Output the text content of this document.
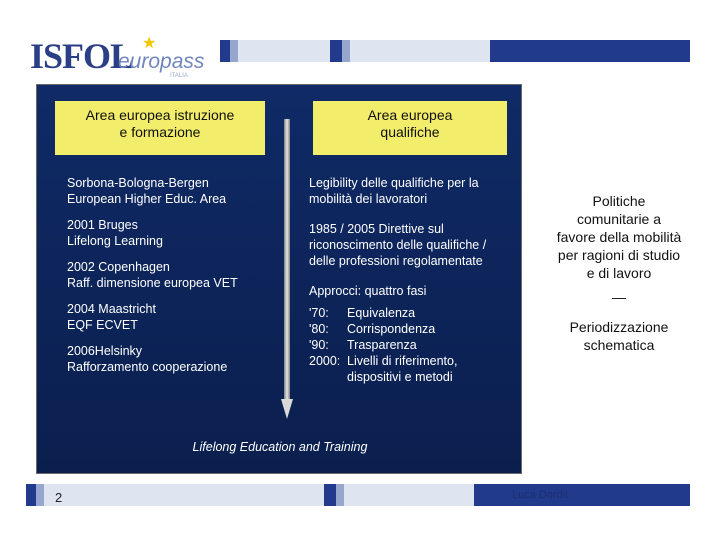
ISFOL ★
europass
ITALIA
Area europea istruzione
e formazione
Area europea
qualifiche
Sorbona-Bologna-Bergen
European Higher Educ. Area
2001 Bruges
Lifelong Learning
2002 Copenhagen
Raff. dimensione europea VET
2004 Maastricht
EQF ECVET
2006Helsinky
Rafforzamento cooperazione
Legibility delle qualifiche per la
mobilità dei lavoratori
1985 / 2005 Direttive sul
riconoscimento delle qualifiche /
delle professioni regolamentate
Approcci: quattro fasi
'70:	Equivalenza
'80:	Corrispondenza
'90:	Trasparenza
2000: Livelli di riferimento,
dispositivi e metodi
Lifelong Education and Training
Politiche
comunitarie a
favore della mobilità
per ragioni di studio
e di lavoro
—
Periodizzazione
schematica
2	Luca Dordit
